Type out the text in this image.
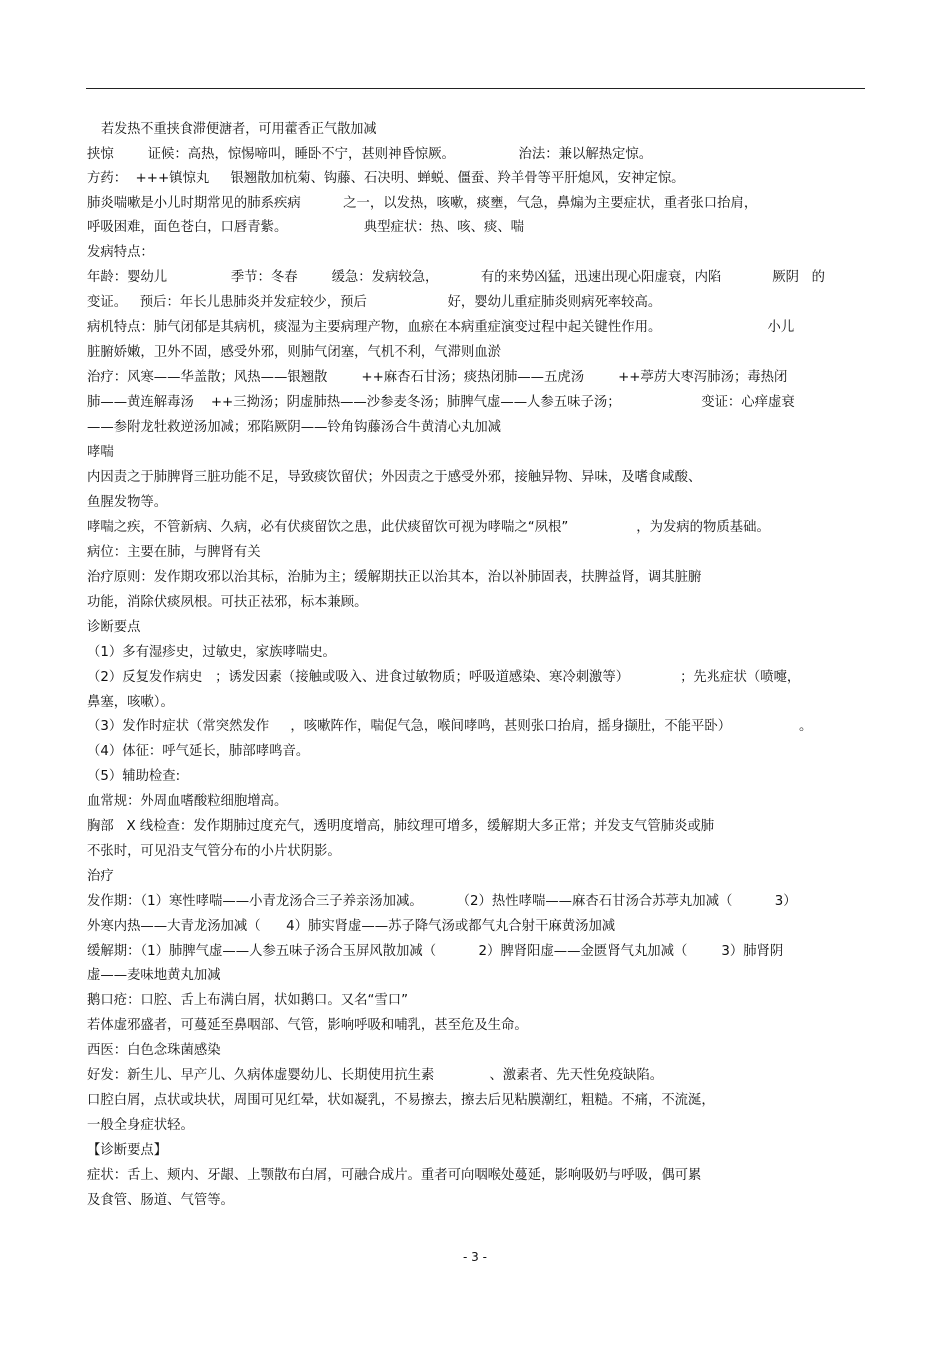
若发热不重挟食滞便溏者，可用藿香正气散加减
挟惊        证候：高热，惊惕啼叫，睡卧不宁，甚则神昏惊厥。               治法：兼以解热定惊。
方药：  +++镇惊丸     银翘散加杭菊、钩藤、石决明、蝉蜕、僵蚕、羚羊骨等平肝熄风，安神定惊。
肺炎喘嗽是小儿时期常见的肺系疾病          之一，以发热，咳嗽，痰壅，气急，鼻煽为主要症状，重者张口抬肩，
呼吸困难，面色苍白，口唇青紫。                  典型症状：热、咳、痰、喘
发病特点：
年龄：婴幼儿               季节：冬春        缓急：发病较急，          有的来势凶猛，迅速出现心阳虚衰，内陷            厥阴   的
变证。   预后：年长儿患肺炎并发症较少，预后                   好，婴幼儿重症肺炎则病死率较高。
病机特点：肺气闭郁是其病机，痰湿为主要病理产物，血瘀在本病重症演变过程中起关键性作用。                         小儿
脏腑娇嫩，卫外不固，感受外邪，则肺气闭塞，气机不利，气滞则血淤
治疗：风寒——华盖散；风热——银翘散        ++麻杏石甘汤；痰热闭肺——五虎汤        ++葶苈大枣泻肺汤；毒热闭
肺——黄连解毒汤    ++三拗汤；阴虚肺热——沙参麦冬汤；肺脾气虚——人参五味子汤；                   变证：心痒虚衰
——参附龙牡救逆汤加减；邪陷厥阴——铃角钩藤汤合牛黄清心丸加减
哮喘
内因责之于肺脾肾三脏功能不足，导致痰饮留伏；外因责之于感受外邪，接触异物、异味，及嗜食咸酸、
鱼腥发物等。
哮喘之疾，不管新病、久病，必有伏痰留饮之患，此伏痰留饮可视为哮喘之“夙根”                ，为发病的物质基础。
病位：主要在肺，与脾肾有关
治疗原则：发作期攻邪以治其标，治肺为主；缓解期扶正以治其本，治以补肺固表，扶脾益肾，调其脏腑
功能，消除伏痰夙根。可扶正祛邪，标本兼顾。
诊断要点
（1）多有湿疹史，过敏史，家族哮喘史。
（2）反复发作病史   ；诱发因素（接触或吸入、进食过敏物质；呼吸道感染、寒冷刺激等）            ；先兆症状（喷嚏，
鼻塞，咳嗽）。
（3）发作时症状（常突然发作     ，咳嗽阵作，喘促气急，喉间哮鸣，甚则张口抬肩，摇身撷肚，不能平卧）                。
（4）体征：呼气延长，肺部哮鸣音。
（5）辅助检查:
血常规：外周血嗜酸粒细胞增高。
胸部   X 线检查：发作期肺过度充气，透明度增高，肺纹理可增多，缓解期大多正常；并发支气管肺炎或肺
不张时，可见沿支气管分布的小片状阴影。
治疗
发作期：（1）寒性哮喘——小青龙汤合三子养亲汤加减。        （2）热性哮喘——麻杏石甘汤合苏葶丸加减（          3）
外寒内热——大青龙汤加减（      4）肺实肾虚——苏子降气汤或都气丸合射干麻黄汤加减
缓解期：（1）肺脾气虚——人参五味子汤合玉屏风散加减（          2）脾肾阳虚——金匮肾气丸加减（        3）肺肾阴
虚——麦味地黄丸加减
鹅口疮：口腔、舌上布满白屑，状如鹅口。又名“雪口”
若体虚邪盛者，可蔓延至鼻咽部、气管，影响呼吸和哺乳，甚至危及生命。
西医：白色念珠菌感染
好发：新生儿、早产儿、久病体虚婴幼儿、长期使用抗生素             、激素者、先天性免疫缺陷。
口腔白屑，点状或块状，周围可见红晕，状如凝乳，不易擦去，擦去后见粘膜潮红，粗糙。不痛，不流涎，
一般全身症状轻。
【诊断要点】
症状：舌上、颊内、牙龈、上颚散布白屑，可融合成片。重者可向咽喉处蔓延，影响吸奶与呼吸，偶可累
及食管、肠道、气管等。
- 3 -
